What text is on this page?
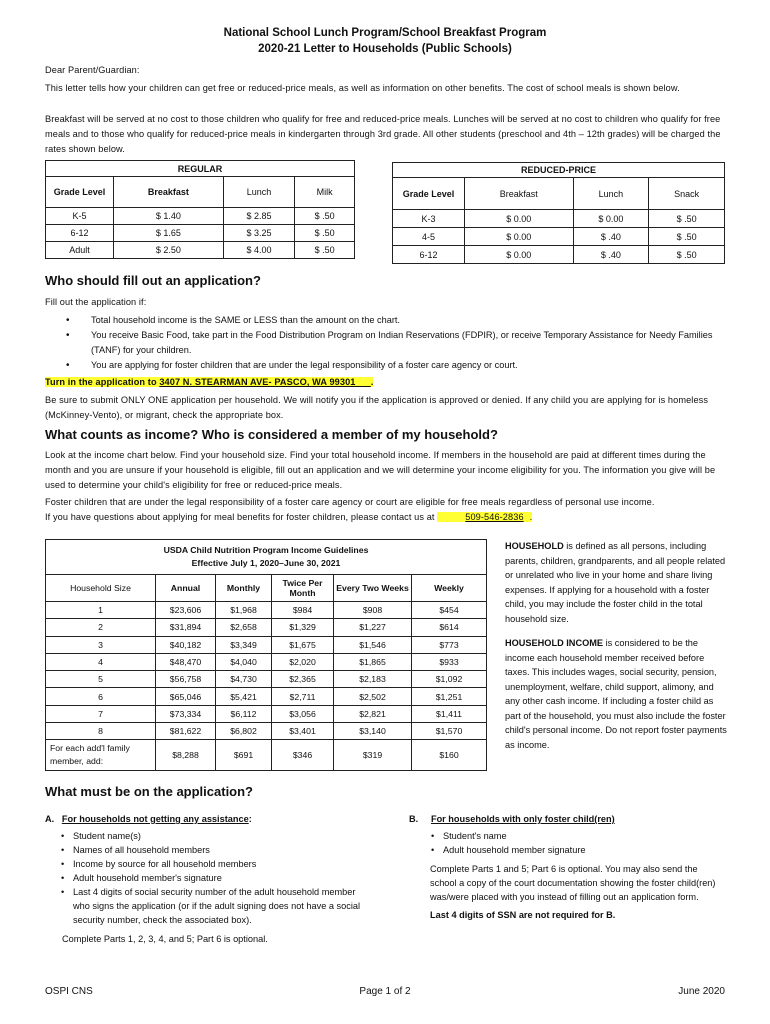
National School Lunch Program/School Breakfast Program
2020-21 Letter to Households (Public Schools)
Dear Parent/Guardian:
This letter tells how your children can get free or reduced-price meals, as well as information on other benefits. The cost of school meals is shown below.
Breakfast will be served at no cost to those children who qualify for free and reduced-price meals. Lunches will be served at no cost to children who qualify for free meals and to those who qualify for reduced-price meals in kindergarten through 3rd grade. All other students (preschool and 4th – 12th grades) will be charged the rates shown below.
REGULAR			
Grade Level	Breakfast	Lunch	Milk
K-5	$ 1.40	$ 2.85	$ .50
6-12	$ 1.65	$ 3.25	$ .50
Adult	$ 2.50	$ 4.00	$ .50
REDUCED-PRICE			
Grade Level	Breakfast	Lunch	Snack
K-3	$ 0.00	$ 0.00	$ .50
4-5	$ 0.00	$ .40	$ .50
6-12	$ 0.00	$ .40	$ .50
Who should fill out an application?
Fill out the application if:
• Total household income is the SAME or LESS than the amount on the chart.
• You receive Basic Food, take part in the Food Distribution Program on Indian Reservations (FDPIR), or receive Temporary Assistance for Needy Families (TANF) for your children.
• You are applying for foster children that are under the legal responsibility of a foster care agency or court.
Turn in the application to 3407 N. STEARMAN AVE- PASCO, WA 99301 .
Be sure to submit ONLY ONE application per household. We will notify you if the application is approved or denied. If any child you are applying for is homeless (McKinney-Vento), or migrant, check the appropriate box.
What counts as income? Who is considered a member of my household?
Look at the income chart below. Find your household size. Find your total household income. If members in the household are paid at different times during the month and you are unsure if your household is eligible, fill out an application and we will determine your income eligibility for you. The information you give will be used to determine your child's eligibility for free or reduced-price meals.
Foster children that are under the legal responsibility of a foster care agency or court are eligible for free meals regardless of personal use income.
If you have questions about applying for meal benefits for foster children, please contact us at	509-546-2836 .
USDA Child Nutrition Program Income Guidelines
Effective July 1, 2020–June 30, 2021					

Household Size	Annual	Monthly	Twice Per Month	Every Two Weeks	Weekly
1	$23,606	$1,968	$984	$908	$454
2	$31,894	$2,658	$1,329	$1,227	$614
3	$40,182	$3,349	$1,675	$1,546	$773
4	$48,470	$4,040	$2,020	$1,865	$933
5	$56,758	$4,730	$2,365	$2,183	$1,092
6	$65,046	$5,421	$2,711	$2,502	$1,251
7	$73,334	$6,112	$3,056	$2,821	$1,411
8	$81,622	$6,802	$3,401	$3,140	$1,570
For each add'l family member, add:	$8,288	$691	$346	$319	$160
HOUSEHOLD is defined as all persons, including parents, children, grandparents, and all people related or unrelated who live in your home and share living expenses. If applying for a household with a foster child, you may include the foster child in the total household size.
HOUSEHOLD INCOME is considered to be the income each household member received before taxes. This includes wages, social security, pension, unemployment, welfare, child support, alimony, and any other cash income. If including a foster child as part of the household, you must also include the foster child's personal income. Do not report foster payments as income.
What must be on the application?
A. For households not getting any assistance:
• Student name(s)
• Names of all household members
• Income by source for all household members
• Adult household member's signature
• Last 4 digits of social security number of the adult household member who signs the application (or if the adult signing does not have a social security number, check the associated box).
Complete Parts 1, 2, 3, 4, and 5; Part 6 is optional.
B. For households with only foster child(ren)
• Student's name
• Adult household member signature
Complete Parts 1 and 5; Part 6 is optional. You may also send the school a copy of the court documentation showing the foster child(ren) was/were placed with you instead of filling out an application form.
Last 4 digits of SSN are not required for B.
OSPI CNS	Page 1 of 2	June 2020
